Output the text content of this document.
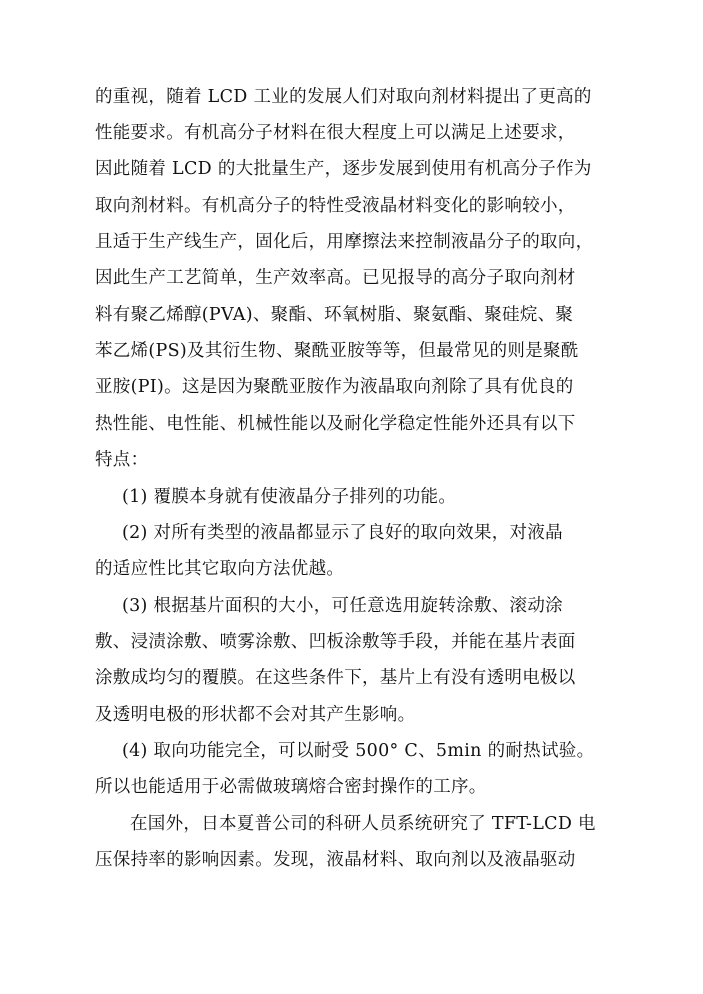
的重视，随着 LCD 工业的发展人们对取向剂材料提出了更高的
性能要求。有机高分子材料在很大程度上可以满足上述要求，
因此随着 LCD 的大批量生产，逐步发展到使用有机高分子作为
取向剂材料。有机高分子的特性受液晶材料变化的影响较小，
且适于生产线生产，固化后，用摩擦法来控制液晶分子的取向，
因此生产工艺简单，生产效率高。已见报导的高分子取向剂材
料有聚乙烯醇(PVA)、聚酯、环氧树脂、聚氨酯、聚硅烷、聚
苯乙烯(PS)及其衍生物、聚酰亚胺等等，但最常见的则是聚酰
亚胺(PI)。这是因为聚酰亚胺作为液晶取向剂除了具有优良的
热性能、电性能、机械性能以及耐化学稳定性能外还具有以下
特点：
(1) 覆膜本身就有使液晶分子排列的功能。
(2) 对所有类型的液晶都显示了良好的取向效果，对液晶
的适应性比其它取向方法优越。
(3) 根据基片面积的大小，可任意选用旋转涂敷、滚动涂
敷、浸渍涂敷、喷雾涂敷、凹板涂敷等手段，并能在基片表面
涂敷成均匀的覆膜。在这些条件下，基片上有没有透明电极以
及透明电极的形状都不会对其产生影响。
(4) 取向功能完全，可以耐受 500° C、5min 的耐热试验。
所以也能适用于必需做玻璃熔合密封操作的工序。
在国外，日本夏普公司的科研人员系统研究了 TFT-LCD 电
压保持率的影响因素。发现，液晶材料、取向剂以及液晶驱动
